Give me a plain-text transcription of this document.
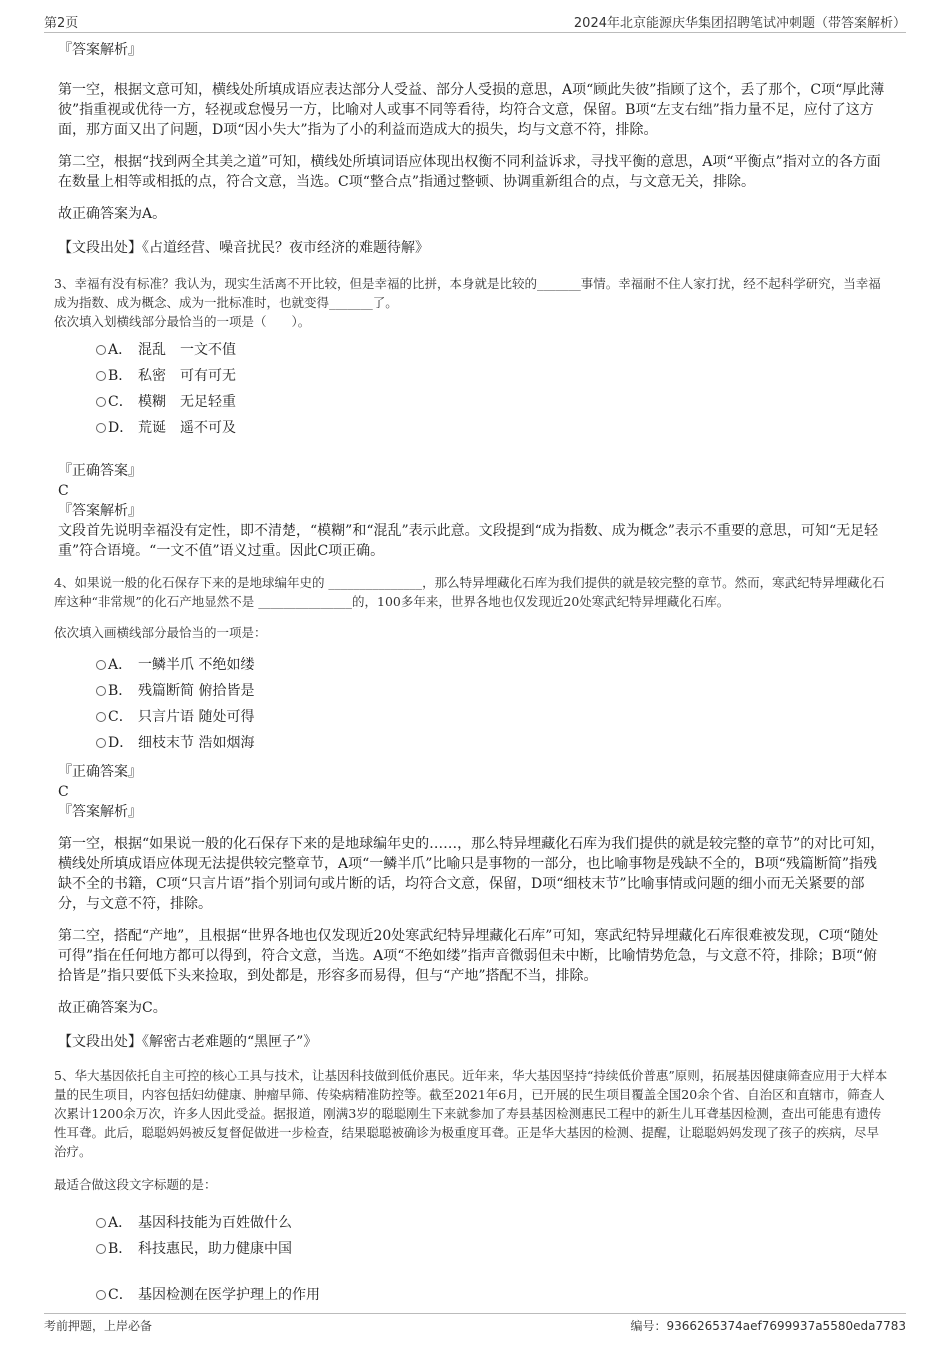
第2页	2024年北京能源庆华集团招聘笔试冲刺题（带答案解析）

『答案解析』

第一空，根据文意可知，横线处所填成语应表达部分人受益、部分人受损的意思，A项“顾此失彼”指顾了这个，丢了那个，C项“厚此薄彼”指重视或优待一方，轻视或怠慢另一方，比喻对人或事不同等看待，均符合文意，保留。B项“左支右绌”指力量不足，应付了这方面，那方面又出了问题，D项“因小失大”指为了小的利益而造成大的损失，均与文意不符，排除。

第二空，根据“找到两全其美之道”可知，横线处所填词语应体现出权衡不同利益诉求，寻找平衡的意思，A项“平衡点”指对立的各方面在数量上相等或相抵的点，符合文意，当选。C项“整合点”指通过整顿、协调重新组合的点，与文意无关，排除。

故正确答案为A。

【文段出处】《占道经营、噪音扰民？夜市经济的难题待解》

3、幸福有没有标准？我认为，现实生活离不开比较，但是幸福的比拼，本身就是比较的_______事情。幸福耐不住人家打扰，经不起科学研究，当幸福成为指数、成为概念、成为一批标准时，也就变得_______了。

依次填入划横线部分最恰当的一项是（　　）。

A． 混乱　一文不值
B． 私密　可有可无
C． 模糊　无足轻重
D． 荒诞　遥不可及

『正确答案』

C

『答案解析』

文段首先说明幸福没有定性，即不清楚，“模糊”和“混乱”表示此意。文段提到“成为指数、成为概念”表示不重要的意思，可知“无足轻重”符合语境。“一文不值”语义过重。因此C项正确。

4、如果说一般的化石保存下来的是地球编年史的 _______________，那么特异埋藏化石库为我们提供的就是较完整的章节。然而，寒武纪特异埋藏化石库这种“非常规”的化石产地显然不是 _______________的，100多年来，世界各地也仅发现近20处寒武纪特异埋藏化石库。

依次填入画横线部分最恰当的一项是：

A． 一鳞半爪 不绝如缕
B． 残篇断简 俯拾皆是
C． 只言片语 随处可得
D． 细枝末节 浩如烟海

『正确答案』

C

『答案解析』

第一空，根据“如果说一般的化石保存下来的是地球编年史的……，那么特异埋藏化石库为我们提供的就是较完整的章节”的对比可知，横线处所填成语应体现无法提供较完整章节，A项“一鳞半爪”比喻只是事物的一部分，也比喻事物是残缺不全的，B项“残篇断简”指残缺不全的书籍，C项“只言片语”指个别词句或片断的话，均符合文意，保留，D项“细枝末节”比喻事情或问题的细小而无关紧要的部分，与文意不符，排除。

第二空，搭配“产地”，且根据“世界各地也仅发现近20处寒武纪特异埋藏化石库”可知，寒武纪特异埋藏化石库很难被发现，C项“随处可得”指在任何地方都可以得到，符合文意，当选。A项“不绝如缕”指声音微弱但未中断，比喻情势危急，与文意不符，排除；B项“俯拾皆是”指只要低下头来捡取，到处都是，形容多而易得，但与“产地”搭配不当，排除。

故正确答案为C。

【文段出处】《解密古老难题的“黑匣子”》

5、华大基因依托自主可控的核心工具与技术，让基因科技做到低价惠民。近年来，华大基因坚持“持续低价普惠”原则，拓展基因健康筛查应用于大样本量的民生项目，内容包括妇幼健康、肿瘤早筛、传染病精准防控等。截至2021年6月，已开展的民生项目覆盖全国20余个省、自治区和直辖市，筛查人次累计1200余万次，许多人因此受益。据报道，刚满3岁的聪聪刚生下来就参加了寿县基因检测惠民工程中的新生儿耳聋基因检测，查出可能患有遗传性耳聋。此后，聪聪妈妈被反复督促做进一步检查，结果聪聪被确诊为极重度耳聋。正是华大基因的检测、提醒，让聪聪妈妈发现了孩子的疾病，尽早治疗。

最适合做这段文字标题的是：

A． 基因科技能为百姓做什么
B． 科技惠民，助力健康中国
C． 基因检测在医学护理上的作用
考前押题，上岸必备	编号：9366265374aef7699937a5580eda7783
